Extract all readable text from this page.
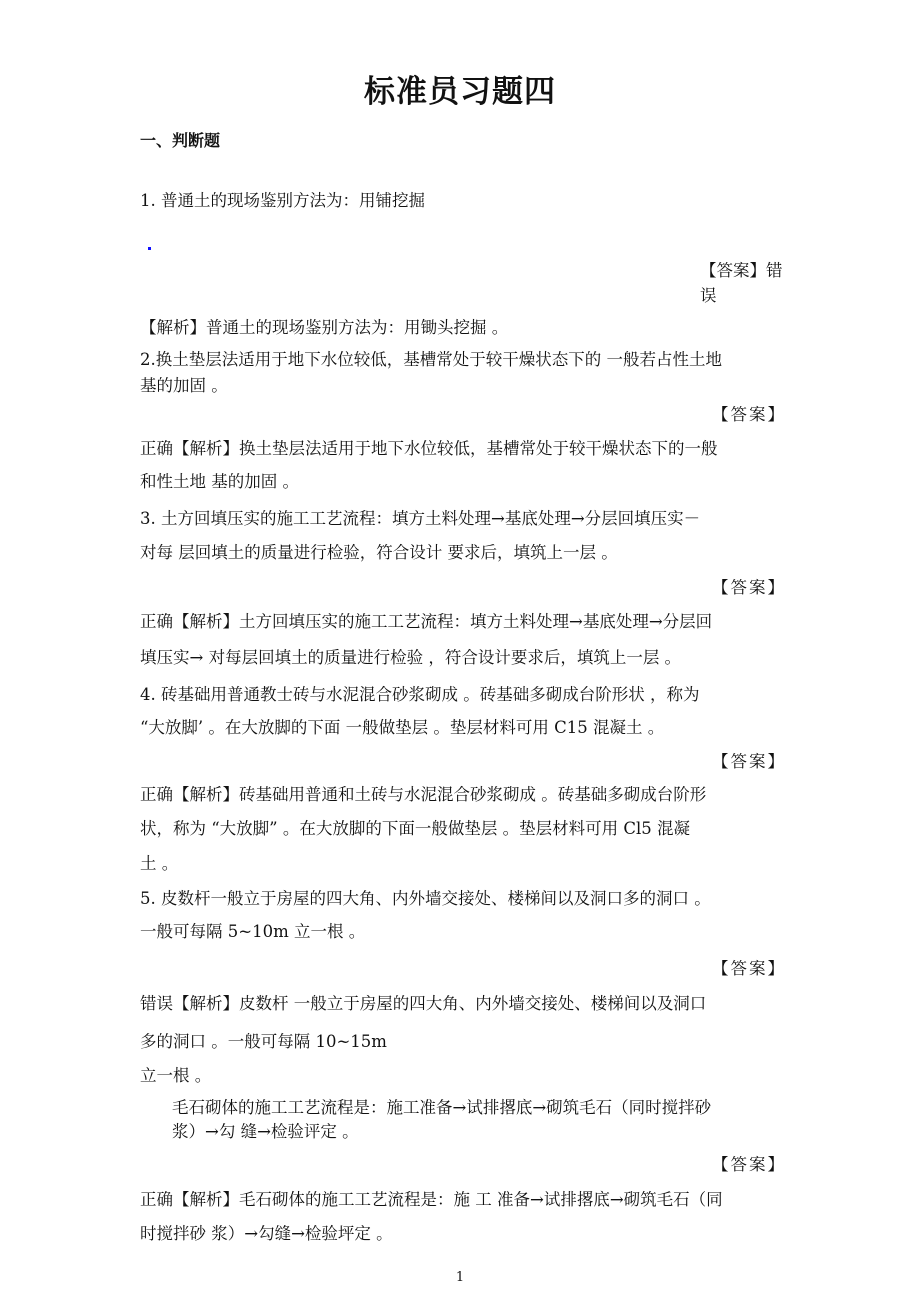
标准员习题四
一、判断题
1. 普通土的现场鉴别方法为：用铺挖掘
【答案】错
误
【解析】普通土的现场鉴别方法为：用锄头挖掘 。
2.换土垫层法适用于地下水位较低，基槽常处于较干燥状态下的 一般若占性土地
基的加固 。
【答案】
正确【解析】换土垫层法适用于地下水位较低，基槽常处于较干燥状态下的一般
和性土地 基的加固 。
3. 土方回填压实的施工工艺流程：填方土料处理→基底处理→分层回填压实－
对每 层回填土的质量进行检验，符合设计 要求后，填筑上一层 。
【答案】
正确【解析】土方回填压实的施工工艺流程：填方土料处理→基底处理→分层回
填压实→ 对每层回填土的质量进行检验 ，符合设计要求后，填筑上一层 。
4. 砖基础用普通教士砖与水泥混合砂浆砌成 。砖基础多砌成台阶形状 ，称为
“大放脚’ 。在大放脚的下面 一般做垫层 。垫层材料可用 C15 混凝土 。
【答案】
正确【解析】砖基础用普通和土砖与水泥混合砂浆砌成 。砖基础多砌成台阶形
状，称为 “大放脚” 。在大放脚的下面一般做垫层 。垫层材料可用 Cl5 混凝
土 。
5. 皮数杆一般立于房屋的四大角、内外墙交接处、楼梯间以及洞口多的洞口 。
一般可每隔 5~10m 立一根 。
【答案】
错误【解析】皮数杆 一般立于房屋的四大角、内外墙交接处、楼梯间以及洞口
多的洞口 。一般可每隔 10~15m
立一根 。
毛石砌体的施工工艺流程是：施工准备→试排撂底→砌筑毛石（同时搅拌砂
浆）→勾 缝→检验评定 。
【答案】
正确【解析】毛石砌体的施工工艺流程是：施 工 准备→试排撂底→砌筑毛石（同
时搅拌砂 浆）→勾缝→检验坪定 。
1
